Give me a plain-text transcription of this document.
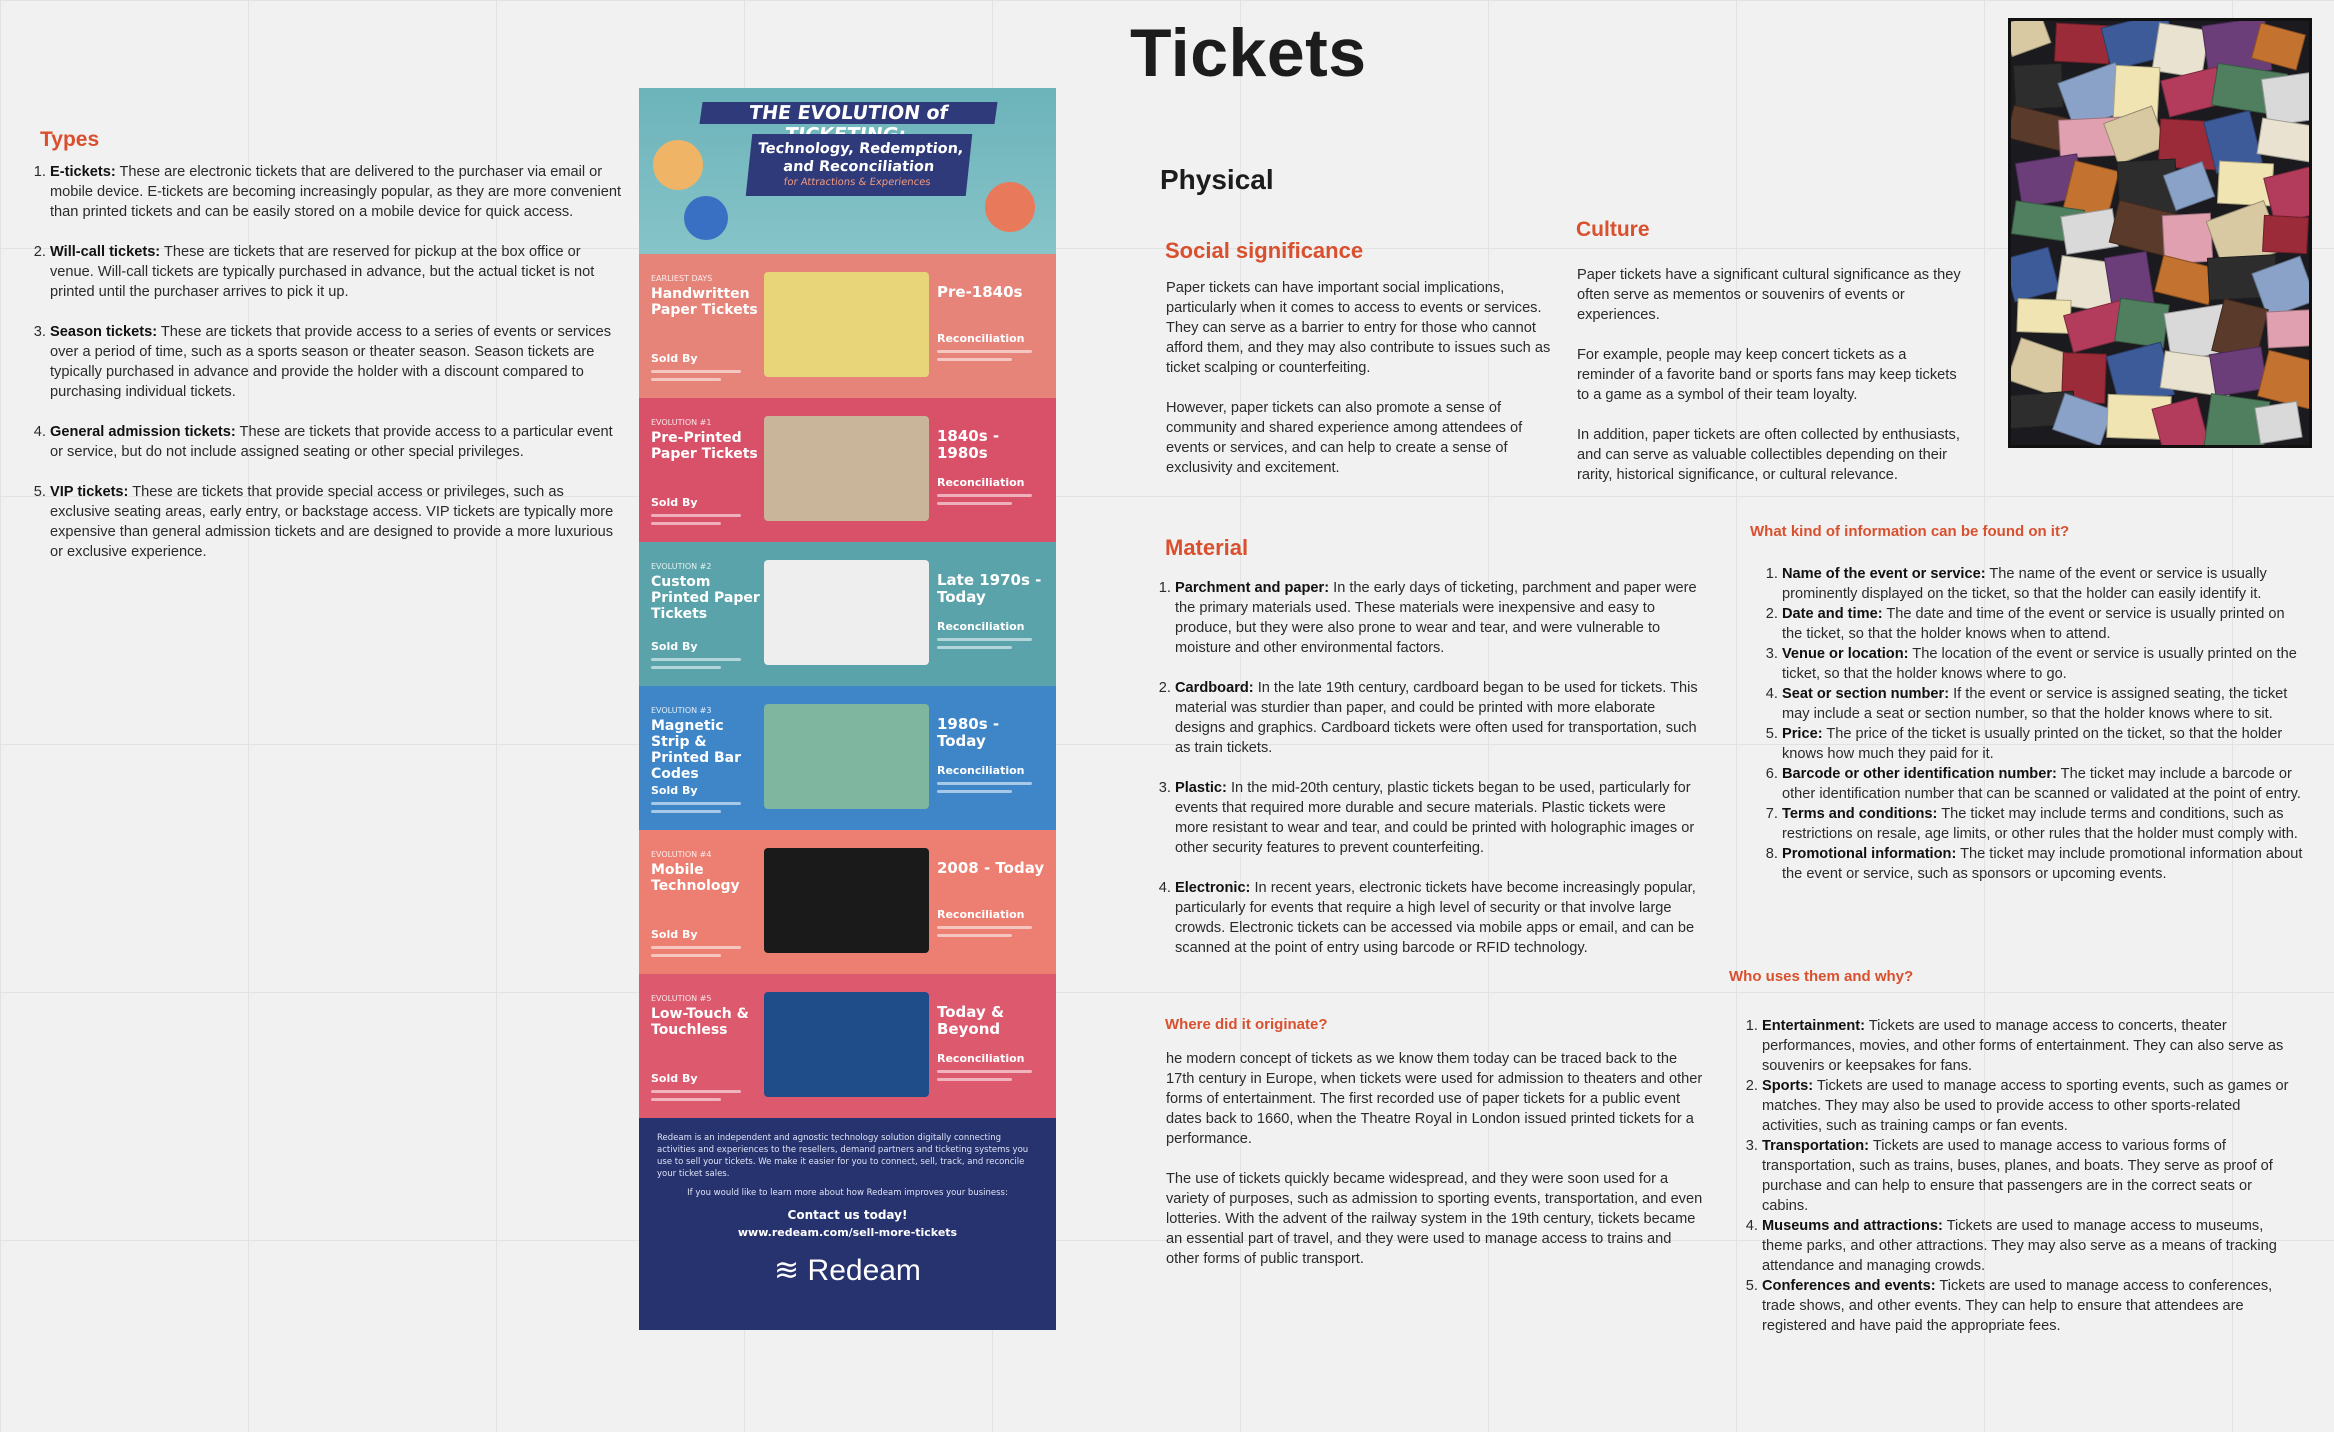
Tickets
Types
1. E-tickets: These are electronic tickets that are delivered to the purchaser via email or mobile device. E-tickets are becoming increasingly popular, as they are more convenient than printed tickets and can be easily stored on a mobile device for quick access.
2. Will-call tickets: These are tickets that are reserved for pickup at the box office or venue. Will-call tickets are typically purchased in advance, but the actual ticket is not printed until the purchaser arrives to pick it up.
3. Season tickets: These are tickets that provide access to a series of events or services over a period of time, such as a sports season or theater season. Season tickets are typically purchased in advance and provide the holder with a discount compared to purchasing individual tickets.
4. General admission tickets: These are tickets that provide access to a particular event or service, but do not include assigned seating or other special privileges.
5. VIP tickets: These are tickets that provide special access or privileges, such as exclusive seating areas, early entry, or backstage access. VIP tickets are typically more expensive than general admission tickets and are designed to provide a more luxurious or exclusive experience.
THE EVOLUTION of
Technology, Redemption, and Reconciliation
for Attractions & Experiences
EARLIEST DAYS
Handwritten Paper Tickets
Sold By
Pre-1840s
Reconciliation
EVOLUTION #1
Pre-Printed Paper Tickets
Sold By
1840s - 1980s
Reconciliation
EVOLUTION #2
Custom Printed Paper Tickets
Sold By
Late 1970s - Today
Reconciliation
EVOLUTION #3
Magnetic Strip & Printed Bar Codes
Sold By
1980s - Today
Reconciliation
EVOLUTION #4
Mobile Technology
Sold By
2008 - Today
Reconciliation
EVOLUTION #5
Low-Touch & Touchless
Sold By
Today & Beyond
Reconciliation
Redeam is an independent and agnostic technology solution digitally connecting activities and experiences to the resellers, demand partners and ticketing systems you use to sell your tickets. We make it easier for you to connect, sell, track, and reconcile your ticket sales.
If you would like to learn more about how Redeam improves your business:
Contact us today!
www.redeam.com/sell-more-tickets
≋ Redeam
Physical
Social significance

Paper tickets can have important social implications, particularly when it comes to access to events or services. They can serve as a barrier to entry for those who cannot afford them, and they may also contribute to issues such as ticket scalping or counterfeiting.

However, paper tickets can also promote a sense of community and shared experience among attendees of events or services, and can help to create a sense of exclusivity and excitement.

Culture

Paper tickets have a significant cultural significance as they often serve as mementos or souvenirs of events or experiences.

For example, people may keep concert tickets as a reminder of a favorite band or sports fans may keep tickets to a game as a symbol of their team loyalty.

In addition, paper tickets are often collected by enthusiasts, and can serve as valuable collectibles depending on their rarity, historical significance, or cultural relevance.

Material
1. Parchment and paper: In the early days of ticketing, parchment and paper were the primary materials used. These materials were inexpensive and easy to produce, but they were also prone to wear and tear, and were vulnerable to moisture and other environmental factors.
2. Cardboard: In the late 19th century, cardboard began to be used for tickets. This material was sturdier than paper, and could be printed with more elaborate designs and graphics. Cardboard tickets were often used for transportation, such as train tickets.
3. Plastic: In the mid-20th century, plastic tickets began to be used, particularly for events that required more durable and secure materials. Plastic tickets were more resistant to wear and tear, and could be printed with holographic images or other security features to prevent counterfeiting.
4. Electronic: In recent years, electronic tickets have become increasingly popular, particularly for events that require a high level of security or that involve large crowds. Electronic tickets can be accessed via mobile apps or email, and can be scanned at the point of entry using barcode or RFID technology.
Where did it originate?

he modern concept of tickets as we know them today can be traced back to the 17th century in Europe, when tickets were used for admission to theaters and other forms of entertainment. The first recorded use of paper tickets for a public event dates back to 1660, when the Theatre Royal in London issued printed tickets for a performance.

The use of tickets quickly became widespread, and they were soon used for a variety of purposes, such as admission to sporting events, transportation, and even lotteries. With the advent of the railway system in the 19th century, tickets became an essential part of travel, and they were used to manage access to trains and other forms of public transport.

What kind of information can be found on it?
1. Name of the event or service: The name of the event or service is usually prominently displayed on the ticket, so that the holder can easily identify it.
2. Date and time: The date and time of the event or service is usually printed on the ticket, so that the holder knows when to attend.
3. Venue or location: The location of the event or service is usually printed on the ticket, so that the holder knows where to go.
4. Seat or section number: If the event or service is assigned seating, the ticket may include a seat or section number, so that the holder knows where to sit.
5. Price: The price of the ticket is usually printed on the ticket, so that the holder knows how much they paid for it.
6. Barcode or other identification number: The ticket may include a barcode or other identification number that can be scanned or validated at the point of entry.
7. Terms and conditions: The ticket may include terms and conditions, such as restrictions on resale, age limits, or other rules that the holder must comply with.
8. Promotional information: The ticket may include promotional information about the event or service, such as sponsors or upcoming events.
Who uses them and why?
1. Entertainment: Tickets are used to manage access to concerts, theater performances, movies, and other forms of entertainment. They can also serve as souvenirs or keepsakes for fans.
2. Sports: Tickets are used to manage access to sporting events, such as games or matches. They may also be used to provide access to other sports-related activities, such as training camps or fan events.
3. Transportation: Tickets are used to manage access to various forms of transportation, such as trains, buses, planes, and boats. They serve as proof of purchase and can help to ensure that passengers are in the correct seats or cabins.
4. Museums and attractions: Tickets are used to manage access to museums, theme parks, and other attractions. They may also serve as a means of tracking attendance and managing crowds.
5. Conferences and events: Tickets are used to manage access to conferences, trade shows, and other events. They can help to ensure that attendees are registered and have paid the appropriate fees.
